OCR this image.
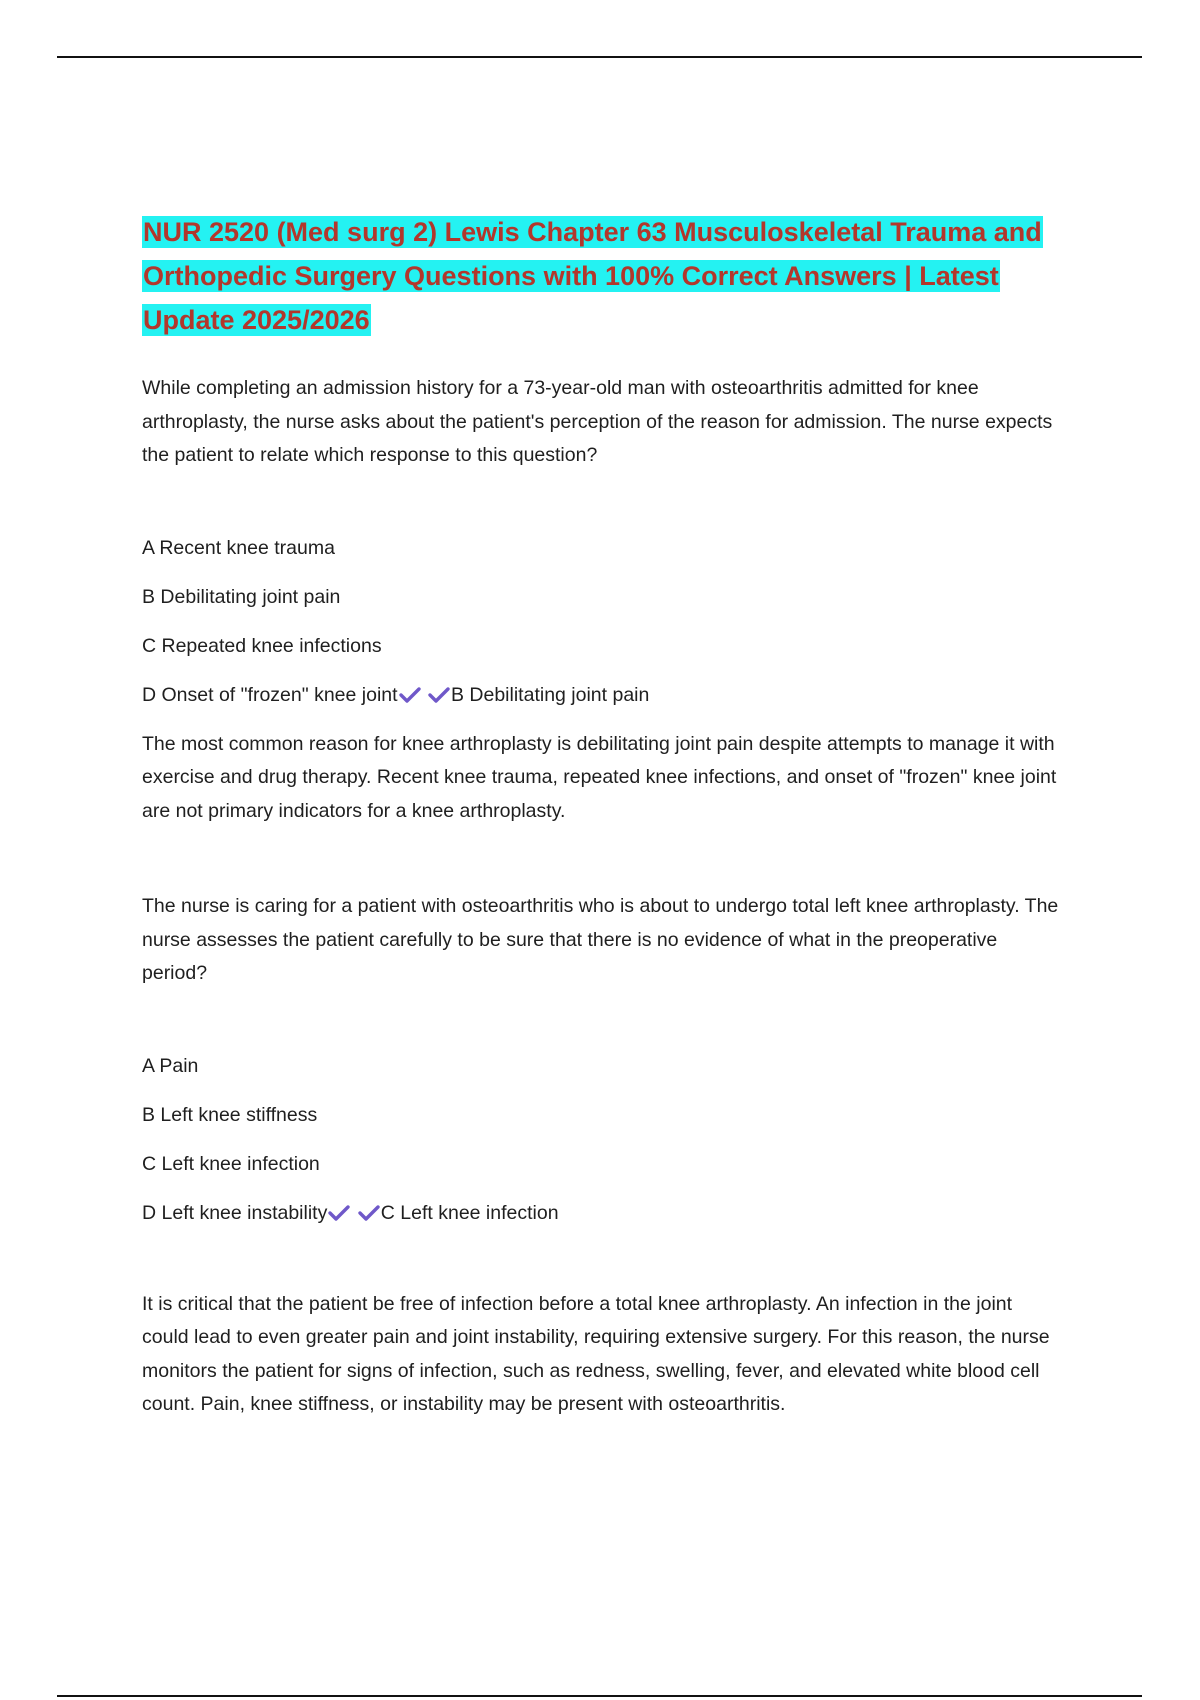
NUR 2520 (Med surg 2) Lewis Chapter 63 Musculoskeletal Trauma and Orthopedic Surgery Questions with 100% Correct Answers | Latest Update 2025/2026

While completing an admission history for a 73-year-old man with osteoarthritis admitted for knee arthroplasty, the nurse asks about the patient's perception of the reason for admission. The nurse expects the patient to relate which response to this question?

A Recent knee trauma

B Debilitating joint pain

C Repeated knee infections

D Onset of "frozen" knee joint
	B Debilitating joint pain

The most common reason for knee arthroplasty is debilitating joint pain despite attempts to manage it with exercise and drug therapy. Recent knee trauma, repeated knee infections, and onset of "frozen" knee joint are not primary indicators for a knee arthroplasty.

The nurse is caring for a patient with osteoarthritis who is about to undergo total left knee arthroplasty. The nurse assesses the patient carefully to be sure that there is no evidence of what in the preoperative period?

A Pain

B Left knee stiffness

C Left knee infection

D Left knee instability
	C Left knee infection

It is critical that the patient be free of infection before a total knee arthroplasty. An infection in the joint could lead to even greater pain and joint instability, requiring extensive surgery. For this reason, the nurse monitors the patient for signs of infection, such as redness, swelling, fever, and elevated white blood cell count. Pain, knee stiffness, or instability may be present with osteoarthritis.
